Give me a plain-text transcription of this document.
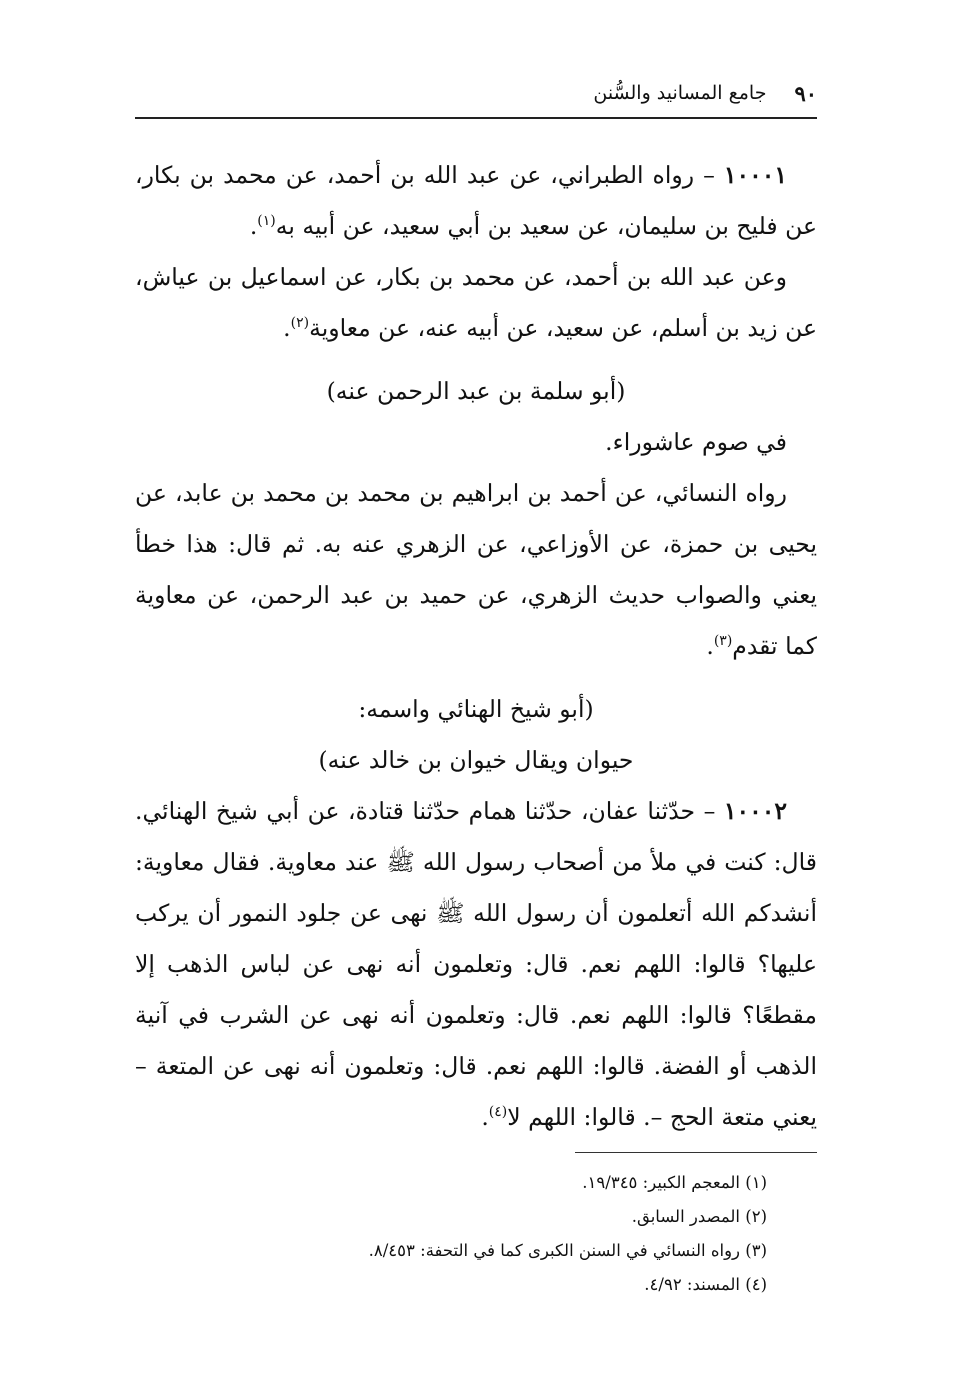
٩٠
جامع المسانيد والسُّنن

١٠٠٠١ – رواه الطبراني، عن عبد الله بن أحمد، عن محمد بن بكار، عن فليح بن سليمان، عن سعيد بن أبي سعيد، عن أبيه به$^{(١)}$.

وعن عبد الله بن أحمد، عن محمد بن بكار، عن اسماعيل بن عياش، عن زيد بن أسلم، عن سعيد، عن أبيه عنه، عن معاوية$^{(٢)}$.

(أبو سلمة بن عبد الرحمن عنه)

في صوم عاشوراء.

رواه النسائي، عن أحمد بن ابراهيم بن محمد بن محمد بن عابد، عن يحيى بن حمزة، عن الأوزاعي، عن الزهري عنه به. ثم قال: هذا خطأ يعني والصواب حديث الزهري، عن حميد بن عبد الرحمن، عن معاوية كما تقدم$^{(٣)}$.

(أبو شيخ الهنائي واسمه:

حيوان ويقال خيوان بن خالد عنه)

١٠٠٠٢ – حدّثنا عفان، حدّثنا همام حدّثنا قتادة، عن أبي شيخ الهنائي. قال: كنت في ملأ من أصحاب رسول الله ﷺ عند معاوية. فقال معاوية: أنشدكم الله أتعلمون أن رسول الله ﷺ نهى عن جلود النمور أن يركب عليها؟ قالوا: اللهم نعم. قال: وتعلمون أنه نهى عن لباس الذهب إلا مقطعًا؟ قالوا: اللهم نعم. قال: وتعلمون أنه نهى عن الشرب في آنية الذهب أو الفضة. قالوا: اللهم نعم. قال: وتعلمون أنه نهى عن المتعة – يعني متعة الحج –. قالوا: اللهم لا$^{(٤)}$.

(١) المعجم الكبير: ١٩/٣٤٥.

(٢) المصدر السابق.

(٣) رواه النسائي في السنن الكبرى كما في التحفة: ٨/٤٥٣.

(٤) المسند: ٤/٩٢.
